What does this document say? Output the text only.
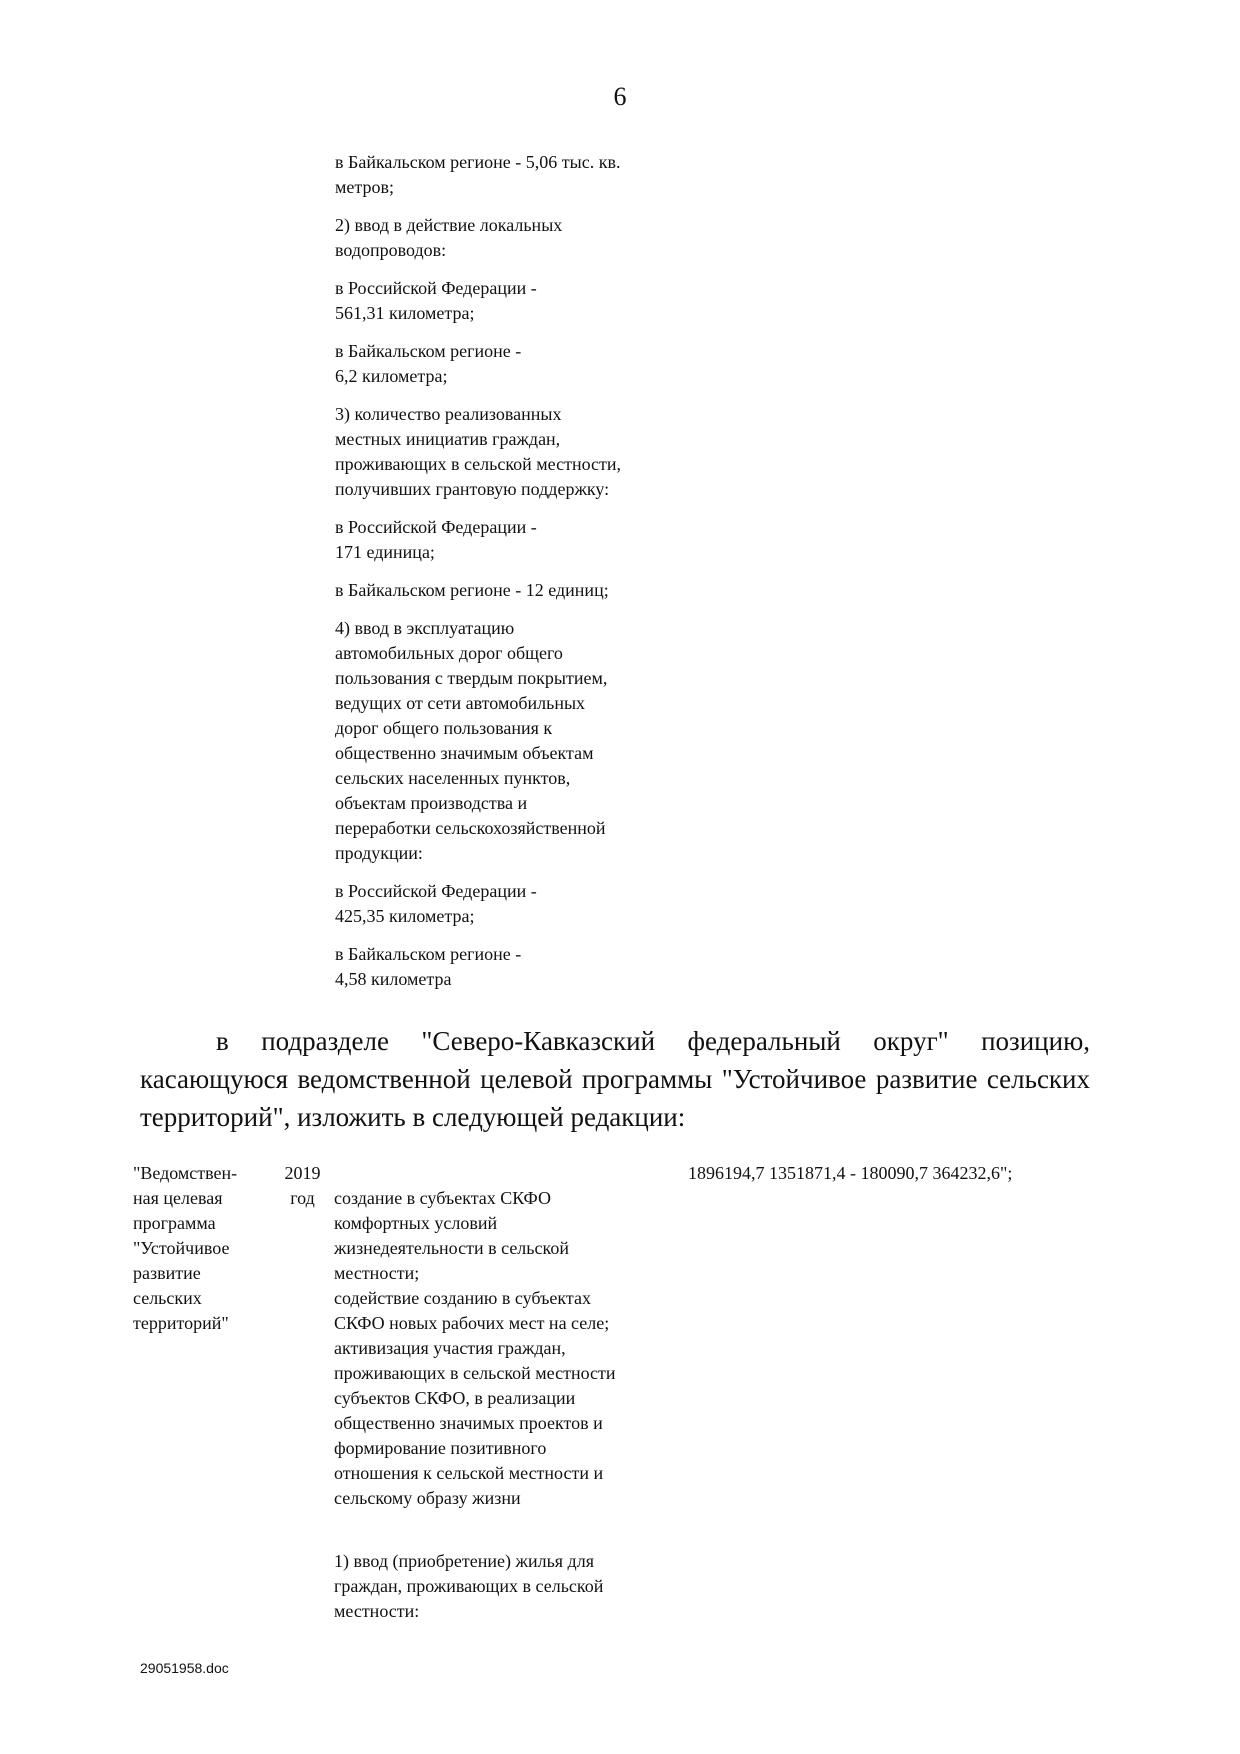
6

в Байкальском регионе - 5,06 тыс. кв.
метров;

2) ввод в действие локальных
водопроводов:

в Российской Федерации -
561,31 километра;

в Байкальском регионе -
6,2 километра;

3) количество реализованных
местных инициатив граждан,
проживающих в сельской местности,
получивших грантовую поддержку:

в Российской Федерации -
171 единица;

в Байкальском регионе - 12 единиц;

4) ввод в эксплуатацию
автомобильных дорог общего
пользования с твердым покрытием,
ведущих от сети автомобильных
дорог общего пользования к
общественно значимым объектам
сельских населенных пунктов,
объектам производства и
переработки сельскохозяйственной
продукции:

в Российской Федерации -
425,35 километра;

в Байкальском регионе -
4,58 километра

в подразделе "Северо-Кавказский федеральный округ" позицию, касающуюся ведомственной целевой программы "Устойчивое развитие сельских территорий", изложить в следующей редакции:

"Ведомствен-
ная целевая
программа
"Устойчивое
развитие
сельских
территорий"
2019
год	создание в субъектах СКФО
комфортных условий
жизнедеятельности в сельской
местности;
содействие созданию в субъектах
СКФО новых рабочих мест на селе;
активизация участия граждан,
проживающих в сельской местности
субъектов СКФО, в реализации
общественно значимых проектов и
формирование позитивного
отношения к сельской местности и
сельскому образу жизни

1) ввод (приобретение) жилья для
граждан, проживающих в сельской
местности:

1896194,7 1351871,4 - 180090,7 364232,6";
29051958.doc
